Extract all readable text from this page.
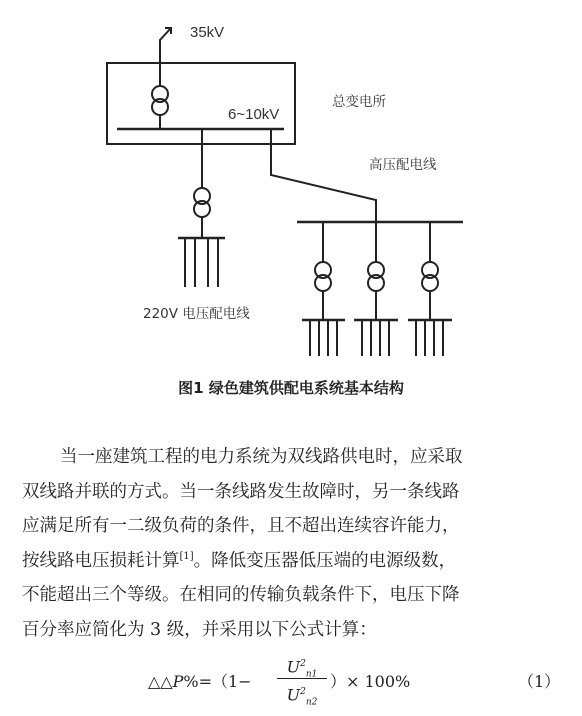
35kV
总变电所
6~10kV
高压配电线
220V 电压配电线
图1 绿色建筑供配电系统基本结构

当一座建筑工程的电力系统为双线路供电时，应采取

双线路并联的方式。当一条线路发生故障时，另一条线路

应满足所有一二级负荷的条件，且不超出连续容许能力，

按线路电压损耗计算[1]。降低变压器低压端的电源级数，

不能超出三个等级。在相同的传输负载条件下，电压下降

百分率应简化为 3 级，并采用以下公式计算：

△△P%=（1−
$U^2_{n1}$
$U^2_{n2}$
）× 100%	（1）
